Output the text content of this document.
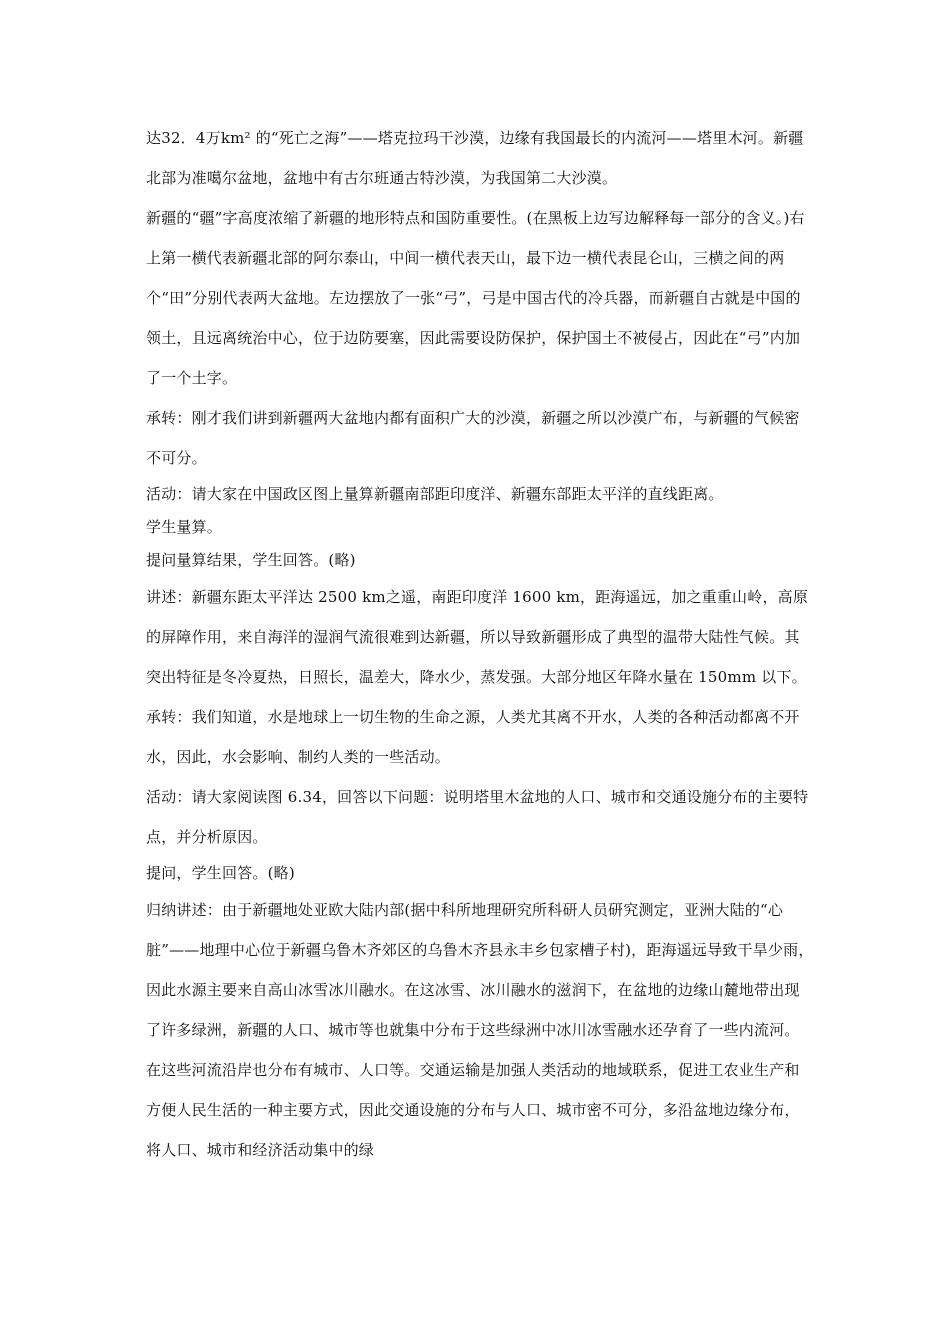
达32．4万km² 的“死亡之海”——塔克拉玛干沙漠，边缘有我国最长的内流河——塔里木河。新疆北部为准噶尔盆地，盆地中有古尔班通古特沙漠，为我国第二大沙漠。

新疆的“疆”字高度浓缩了新疆的地形特点和国防重要性。(在黑板上边写边解释每一部分的含义。)右上第一横代表新疆北部的阿尔泰山，中间一横代表天山，最下边一横代表昆仑山，三横之间的两个“田”分别代表两大盆地。左边摆放了一张“弓”，弓是中国古代的冷兵器，而新疆自古就是中国的领土，且远离统治中心，位于边防要塞，因此需要设防保护，保护国土不被侵占，因此在“弓”内加了一个土字。

承转：刚才我们讲到新疆两大盆地内都有面积广大的沙漠，新疆之所以沙漠广布，与新疆的气候密不可分。

活动：请大家在中国政区图上量算新疆南部距印度洋、新疆东部距太平洋的直线距离。

学生量算。

提问量算结果，学生回答。(略)

讲述：新疆东距太平洋达 2500 km之遥，南距印度洋 1600 km，距海遥远，加之重重山岭，高原的屏障作用，来自海洋的湿润气流很难到达新疆，所以导致新疆形成了典型的温带大陆性气候。其突出特征是冬冷夏热，日照长，温差大，降水少，蒸发强。大部分地区年降水量在 150mm 以下。

承转：我们知道，水是地球上一切生物的生命之源，人类尤其离不开水，人类的各种活动都离不开水，因此，水会影响、制约人类的一些活动。

活动：请大家阅读图 6.34，回答以下问题：说明塔里木盆地的人口、城市和交通设施分布的主要特点，并分析原因。

提问，学生回答。(略)

归纳讲述：由于新疆地处亚欧大陆内部(据中科所地理研究所科研人员研究测定，亚洲大陆的“心脏”——地理中心位于新疆乌鲁木齐郊区的乌鲁木齐县永丰乡包家槽子村)，距海遥远导致干旱少雨，因此水源主要来自高山冰雪冰川融水。在这冰雪、冰川融水的滋润下，在盆地的边缘山麓地带出现了许多绿洲，新疆的人口、城市等也就集中分布于这些绿洲中冰川冰雪融水还孕育了一些内流河。在这些河流沿岸也分布有城市、人口等。交通运输是加强人类活动的地域联系，促进工农业生产和方便人民生活的一种主要方式，因此交通设施的分布与人口、城市密不可分，多沿盆地边缘分布，将人口、城市和经济活动集中的绿
